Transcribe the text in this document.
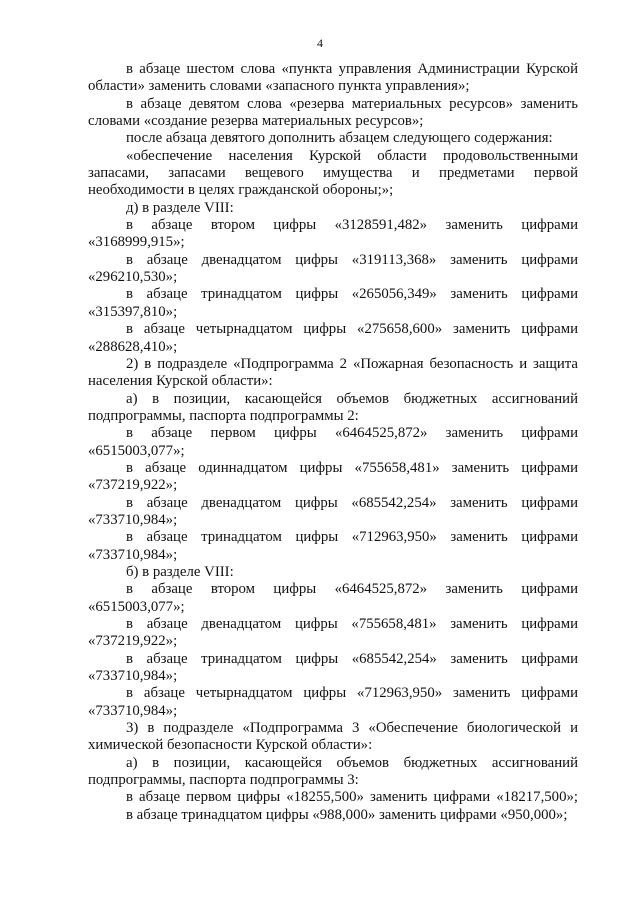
4

в абзаце шестом слова «пункта управления Администрации Курской области» заменить словами «запасного пункта управления»;

в абзаце девятом слова «резерва материальных ресурсов» заменить словами «создание резерва материальных ресурсов»;

после абзаца девятого дополнить абзацем следующего содержания:

«обеспечение населения Курской области продовольственными запасами, запасами вещевого имущества и предметами первой необходимости в целях гражданской обороны;»;

д) в разделе VIII:

в абзаце втором цифры «3128591,482» заменить цифрами «3168999,915»;

в абзаце двенадцатом цифры «319113,368» заменить цифрами «296210,530»;

в абзаце тринадцатом цифры «265056,349» заменить цифрами «315397,810»;

в абзаце четырнадцатом цифры «275658,600» заменить цифрами «288628,410»;

2) в подразделе «Подпрограмма 2 «Пожарная безопасность и защита населения Курской области»:

а) в позиции, касающейся объемов бюджетных ассигнований подпрограммы, паспорта подпрограммы 2:

в абзаце первом цифры «6464525,872» заменить цифрами «6515003,077»;

в абзаце одиннадцатом цифры «755658,481» заменить цифрами «737219,922»;

в абзаце двенадцатом цифры «685542,254» заменить цифрами «733710,984»;

в абзаце тринадцатом цифры «712963,950» заменить цифрами «733710,984»;

б) в разделе VIII:

в абзаце втором цифры «6464525,872» заменить цифрами «6515003,077»;

в абзаце двенадцатом цифры «755658,481» заменить цифрами «737219,922»;

в абзаце тринадцатом цифры «685542,254» заменить цифрами «733710,984»;

в абзаце четырнадцатом цифры «712963,950» заменить цифрами «733710,984»;

3) в подразделе «Подпрограмма 3 «Обеспечение биологической и химической безопасности Курской области»:

а) в позиции, касающейся объемов бюджетных ассигнований подпрограммы, паспорта подпрограммы 3:

в абзаце первом цифры «18255,500» заменить цифрами «18217,500»;

в абзаце тринадцатом цифры «988,000» заменить цифрами «950,000»;
